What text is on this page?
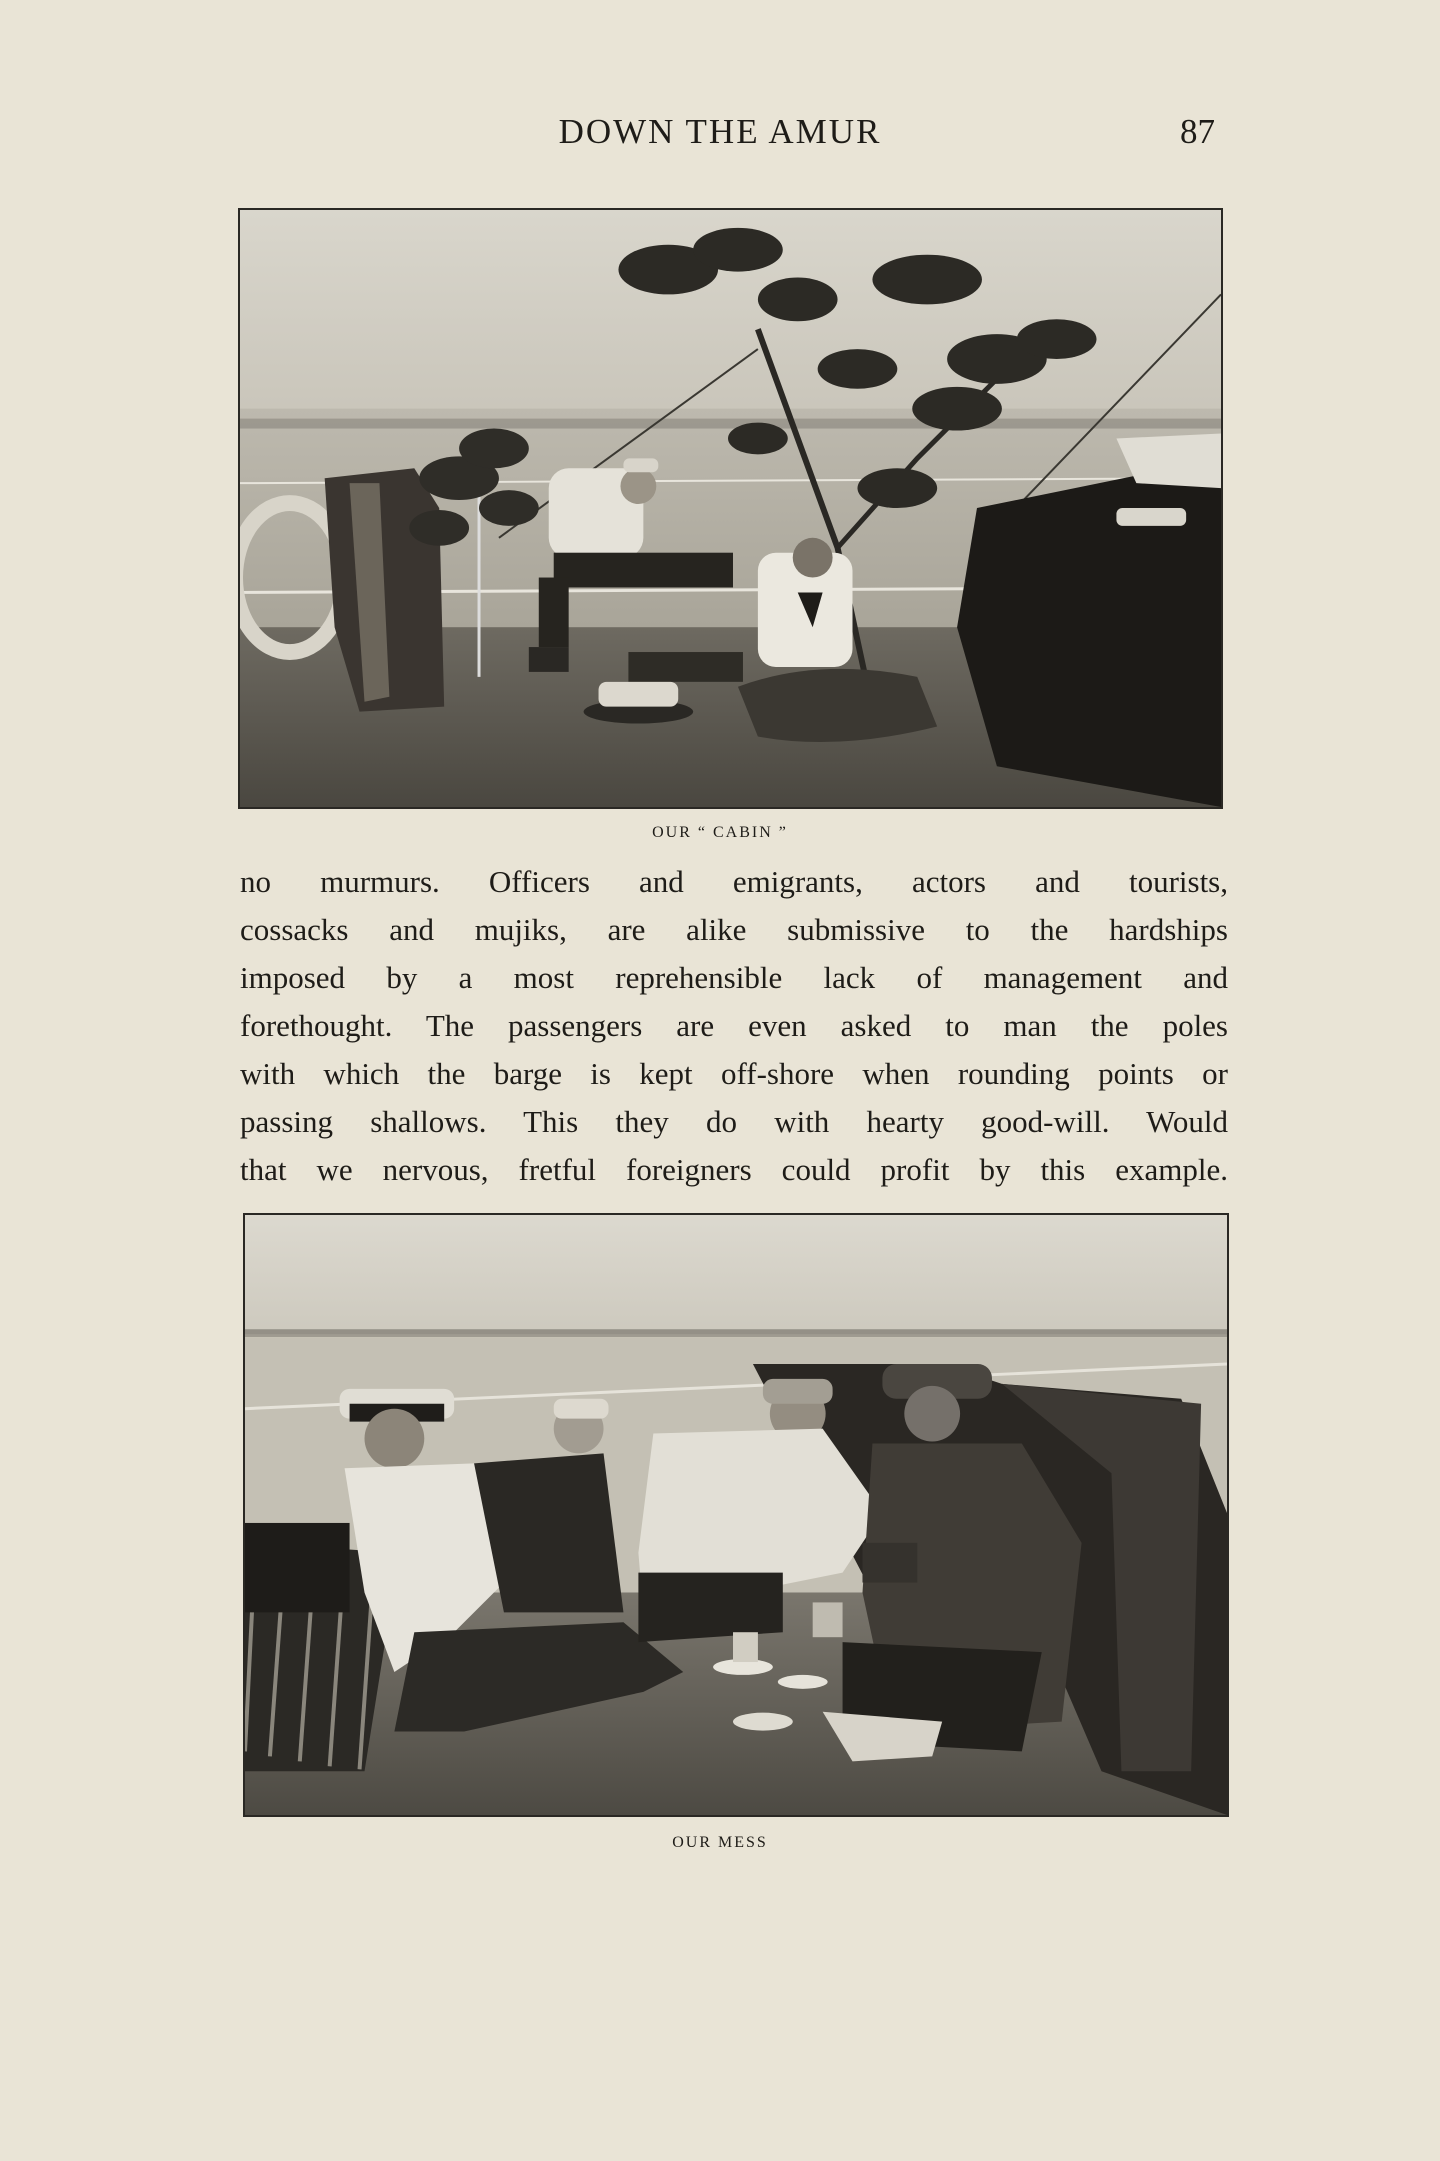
DOWN THE AMUR	87
OUR “ CABIN ”
no murmurs. Officers and emigrants, actors and tourists,
cossacks and mujiks, are alike submissive to the hardships
imposed by a most reprehensible lack of management and
forethought. The passengers are even asked to man the poles
with which the barge is kept off-shore when rounding points or
passing shallows. This they do with hearty good-will. Would
that we nervous, fretful foreigners could profit by this example.
OUR MESS
